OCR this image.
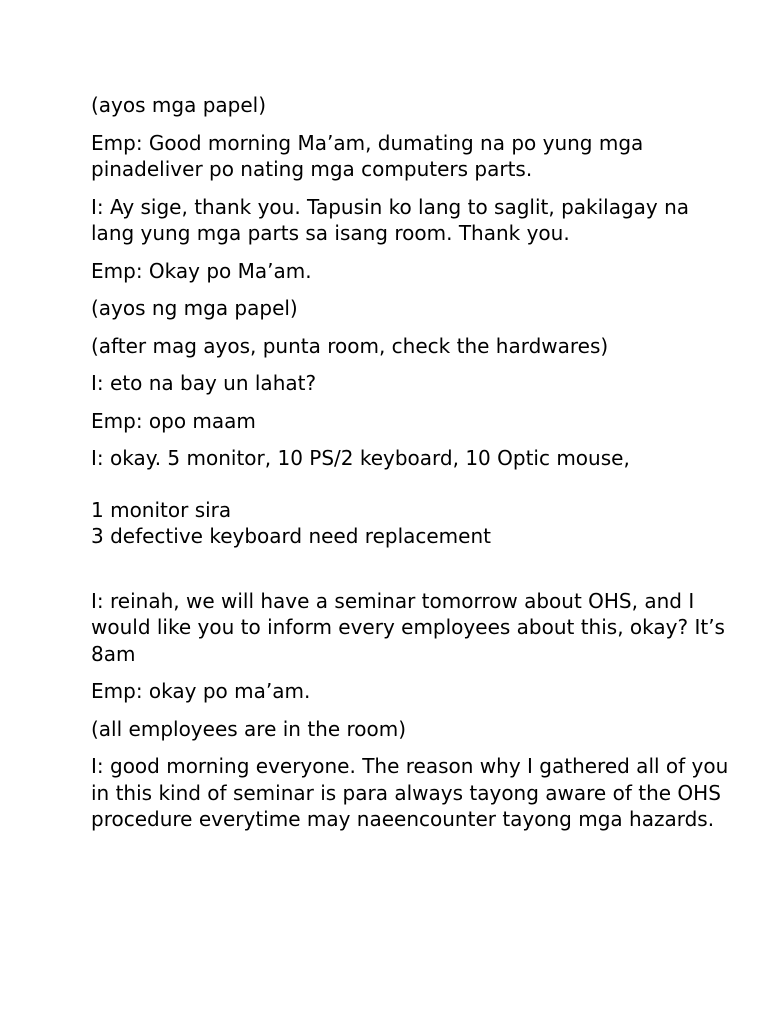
(ayos mga papel)

Emp: Good morning Ma’am, dumating na po yung mga pinadeliver po nating mga computers parts.

I: Ay sige, thank you. Tapusin ko lang to saglit, pakilagay na lang yung mga parts sa isang room. Thank you.

Emp: Okay po Ma’am.

(ayos ng mga papel)

(after mag ayos, punta room, check the hardwares)

I: eto na bay un lahat?

Emp: opo maam

I: okay. 5 monitor, 10 PS/2 keyboard, 10 Optic mouse,

1 monitor sira

3 defective keyboard need replacement

I: reinah, we will have a seminar tomorrow about OHS, and I would like you to inform every employees about this, okay? It’s 8am

Emp: okay po ma’am.

(all employees are in the room)

I: good morning everyone. The reason why I gathered all of you in this kind of seminar is para always tayong aware of the OHS procedure everytime may naeencounter tayong mga hazards.
